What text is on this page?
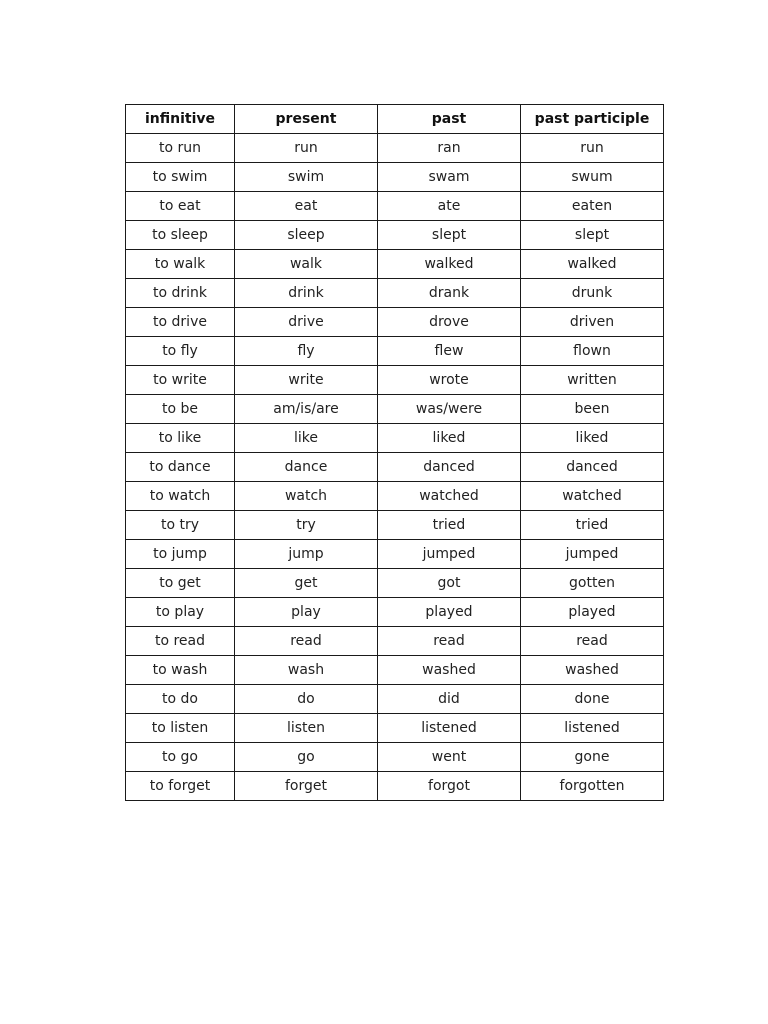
infinitive	present	past	past participle
to run	run	ran	run
to swim	swim	swam	swum
to eat	eat	ate	eaten
to sleep	sleep	slept	slept
to walk	walk	walked	walked
to drink	drink	drank	drunk
to drive	drive	drove	driven
to fly	fly	flew	flown
to write	write	wrote	written
to be	am/is/are	was/were	been
to like	like	liked	liked
to dance	dance	danced	danced
to watch	watch	watched	watched
to try	try	tried	tried
to jump	jump	jumped	jumped
to get	get	got	gotten
to play	play	played	played
to read	read	read	read
to wash	wash	washed	washed
to do	do	did	done
to listen	listen	listened	listened
to go	go	went	gone
to forget	forget	forgot	forgotten
